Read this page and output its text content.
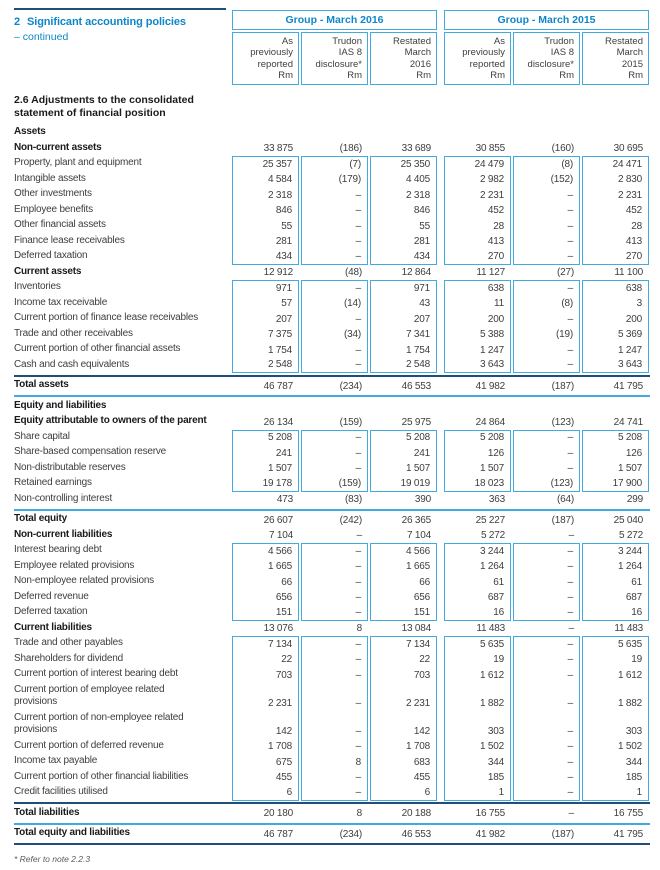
2 Significant accounting policies
– continued
Group - March 2016
As
previously
reported
Rm
Trudon
IAS 8
disclosure*
Rm
Restated
March
2016
Rm
Group - March 2015
As
previously
reported
Rm
Trudon
IAS 8
disclosure*
Rm
Restated
March
2015
Rm
2.6 Adjustments to the consolidated
statement of financial position
Assets
Non-current assets	33 875	(186)	33 689	30 855	(160)	30 695
Property, plant and equipment	25 357	(7)	25 350	24 479	(8)	24 471
Intangible assets	4 584	(179)	4 405	2 982	(152)	2 830
Other investments	2 318	–	2 318	2 231	–	2 231
Employee benefits	846	–	846	452	–	452
Other financial assets	55	–	55	28	–	28
Finance lease receivables	281	–	281	413	–	413
Deferred taxation	434	–	434	270	–	270
Current assets	12 912	(48)	12 864	11 127	(27)	11 100
Inventories	971	–	971	638	–	638
Income tax receivable	57	(14)	43	11	(8)	3
Current portion of finance lease receivables	207	–	207	200	–	200
Trade and other receivables	7 375	(34)	7 341	5 388	(19)	5 369
Current portion of other financial assets	1 754	–	1 754	1 247	–	1 247
Cash and cash equivalents	2 548	–	2 548	3 643	–	3 643
Total assets	46 787	(234)	46 553	41 982	(187)	41 795
Equity and liabilities
Equity attributable to owners of the parent	26 134	(159)	25 975	24 864	(123)	24 741
Share capital	5 208	–	5 208	5 208	–	5 208
Share-based compensation reserve	241	–	241	126	–	126
Non-distributable reserves	1 507	–	1 507	1 507	–	1 507
Retained earnings	19 178	(159)	19 019	18 023	(123)	17 900
Non-controlling interest	473	(83)	390	363	(64)	299
Total equity	26 607	(242)	26 365	25 227	(187)	25 040
Non-current liabilities	7 104	–	7 104	5 272	–	5 272
Interest bearing debt	4 566	–	4 566	3 244	–	3 244
Employee related provisions	1 665	–	1 665	1 264	–	1 264
Non-employee related provisions	66	–	66	61	–	61
Deferred revenue	656	–	656	687	–	687
Deferred taxation	151	–	151	16	–	16
Current liabilities	13 076	8	13 084	11 483	–	11 483
Trade and other payables	7 134	–	7 134	5 635	–	5 635
Shareholders for dividend	22	–	22	19	–	19
Current portion of interest bearing debt	703	–	703	1 612	–	1 612
Current portion of employee related
provisions	2 231	–	2 231	1 882	–	1 882
Current portion of non-employee related
provisions	142	–	142	303	–	303
Current portion of deferred revenue	1 708	–	1 708	1 502	–	1 502
Income tax payable	675	8	683	344	–	344
Current portion of other financial liabilities	455	–	455	185	–	185
Credit facilities utilised	6	–	6	1	–	1
Total liabilities	20 180	8	20 188	16 755	–	16 755
Total equity and liabilities	46 787	(234)	46 553	41 982	(187)	41 795
* Refer to note 2.2.3
